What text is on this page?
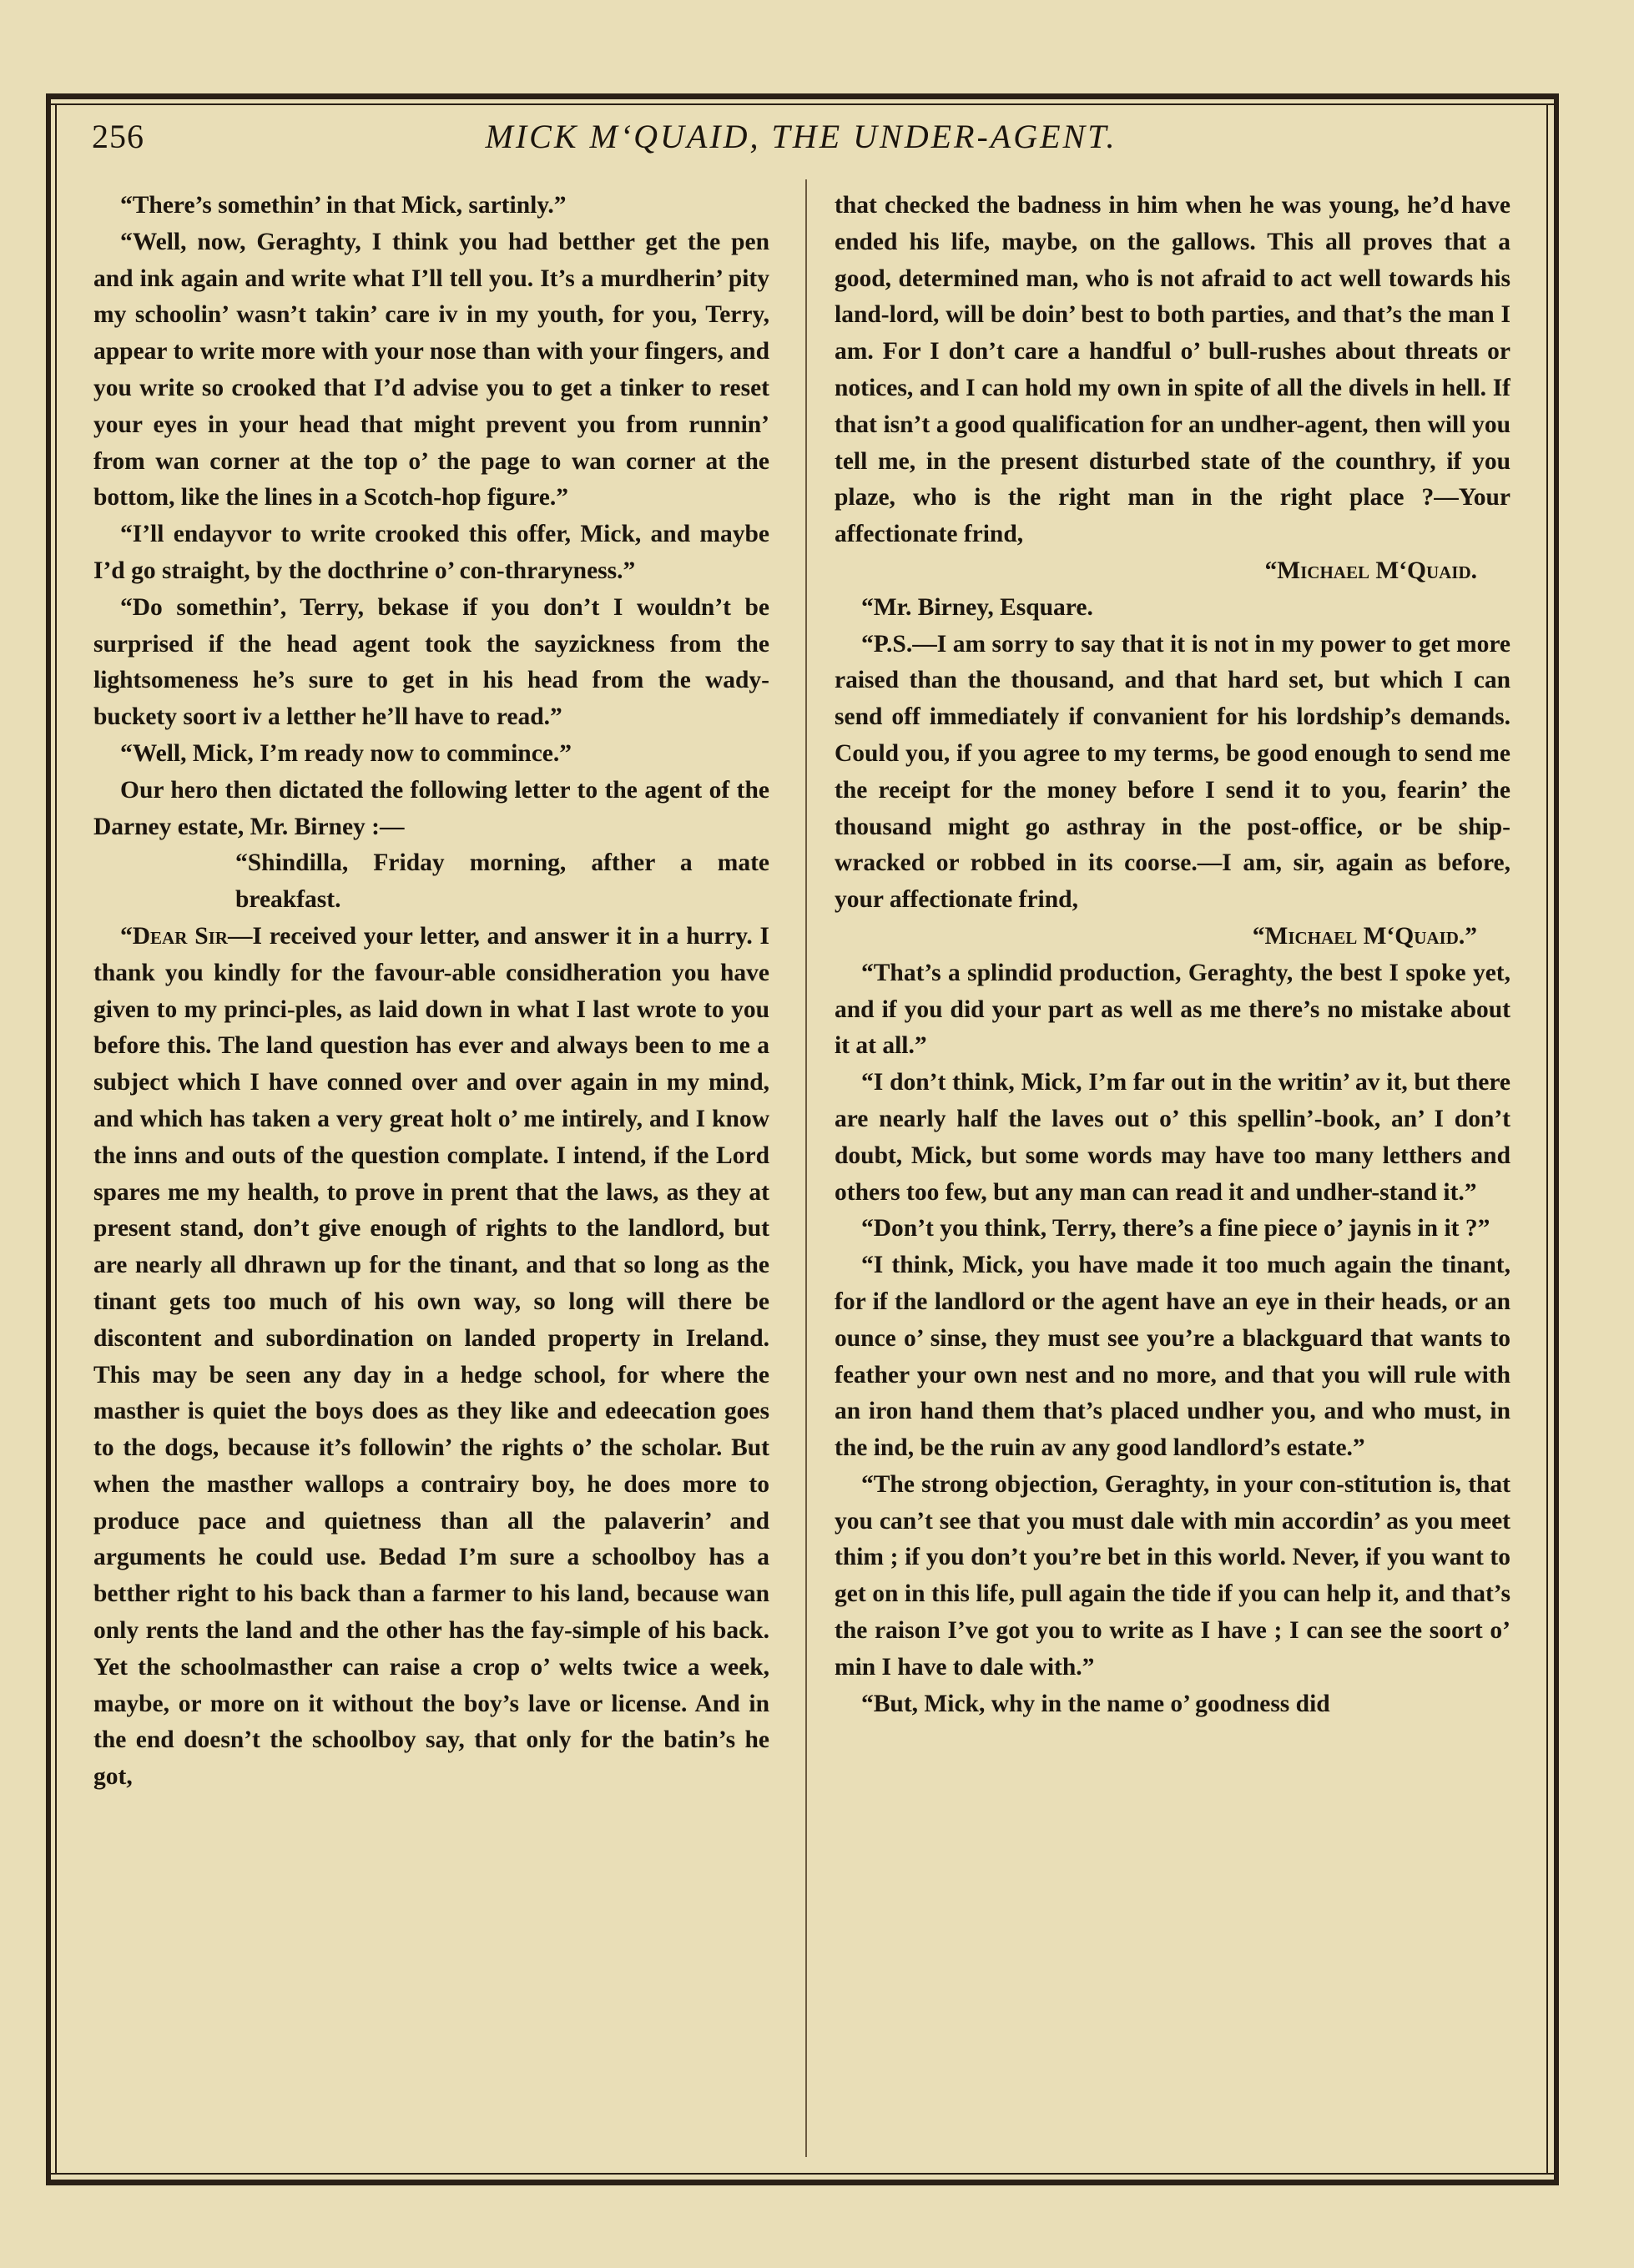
256	MICK M‘QUAID, THE UNDER-AGENT.

“There’s somethin’ in that Mick, sartinly.”

“Well, now, Geraghty, I think you had betther get the pen and ink again and write what I’ll tell you. It’s a murdherin’ pity my schoolin’ wasn’t takin’ care iv in my youth, for you, Terry, appear to write more with your nose than with your fingers, and you write so crooked that I’d advise you to get a tinker to reset your eyes in your head that might prevent you from runnin’ from wan corner at the top o’ the page to wan corner at the bottom, like the lines in a Scotch-hop figure.”

“I’ll endayvor to write crooked this offer, Mick, and maybe I’d go straight, by the docthrine o’ con-thraryness.”

“Do somethin’, Terry, bekase if you don’t I wouldn’t be surprised if the head agent took the sayzickness from the lightsomeness he’s sure to get in his head from the wady-buckety soort iv a letther he’ll have to read.”

“Well, Mick, I’m ready now to commince.”

Our hero then dictated the following letter to the agent of the Darney estate, Mr. Birney :—

“Shindilla, Friday morning, afther a mate breakfast.

“Dear Sir—I received your letter, and answer it in a hurry. I thank you kindly for the favour-able considheration you have given to my princi-ples, as laid down in what I last wrote to you before this. The land question has ever and always been to me a subject which I have conned over and over again in my mind, and which has taken a very great holt o’ me intirely, and I know the inns and outs of the question complate. I intend, if the Lord spares me my health, to prove in prent that the laws, as they at present stand, don’t give enough of rights to the landlord, but are nearly all dhrawn up for the tinant, and that so long as the tinant gets too much of his own way, so long will there be discontent and subordination on landed property in Ireland. This may be seen any day in a hedge school, for where the masther is quiet the boys does as they like and edeecation goes to the dogs, because it’s followin’ the rights o’ the scholar. But when the masther wallops a contrairy boy, he does more to produce pace and quietness than all the palaverin’ and arguments he could use. Bedad I’m sure a schoolboy has a betther right to his back than a farmer to his land, because wan only rents the land and the other has the fay-simple of his back. Yet the schoolmasther can raise a crop o’ welts twice a week, maybe, or more on it without the boy’s lave or license. And in the end doesn’t the schoolboy say, that only for the batin’s he got,

that checked the badness in him when he was young, he’d have ended his life, maybe, on the gallows. This all proves that a good, determined man, who is not afraid to act well towards his land-lord, will be doin’ best to both parties, and that’s the man I am. For I don’t care a handful o’ bull-rushes about threats or notices, and I can hold my own in spite of all the divels in hell. If that isn’t a good qualification for an undher-agent, then will you tell me, in the present disturbed state of the counthry, if you plaze, who is the right man in the right place ?—Your affectionate frind,

“Michael M‘Quaid.

“Mr. Birney, Esquare.

“P.S.—I am sorry to say that it is not in my power to get more raised than the thousand, and that hard set, but which I can send off immediately if convanient for his lordship’s demands. Could you, if you agree to my terms, be good enough to send me the receipt for the money before I send it to you, fearin’ the thousand might go asthray in the post-office, or be ship-wracked or robbed in its coorse.—I am, sir, again as before, your affectionate frind,

“Michael M‘Quaid.”

“That’s a splindid production, Geraghty, the best I spoke yet, and if you did your part as well as me there’s no mistake about it at all.”

“I don’t think, Mick, I’m far out in the writin’ av it, but there are nearly half the laves out o’ this spellin’-book, an’ I don’t doubt, Mick, but some words may have too many letthers and others too few, but any man can read it and undher-stand it.”

“Don’t you think, Terry, there’s a fine piece o’ jaynis in it ?”

“I think, Mick, you have made it too much again the tinant, for if the landlord or the agent have an eye in their heads, or an ounce o’ sinse, they must see you’re a blackguard that wants to feather your own nest and no more, and that you will rule with an iron hand them that’s placed undher you, and who must, in the ind, be the ruin av any good landlord’s estate.”

“The strong objection, Geraghty, in your con-stitution is, that you can’t see that you must dale with min accordin’ as you meet thim ; if you don’t you’re bet in this world. Never, if you want to get on in this life, pull again the tide if you can help it, and that’s the raison I’ve got you to write as I have ; I can see the soort o’ min I have to dale with.”

“But, Mick, why in the name o’ goodness did
